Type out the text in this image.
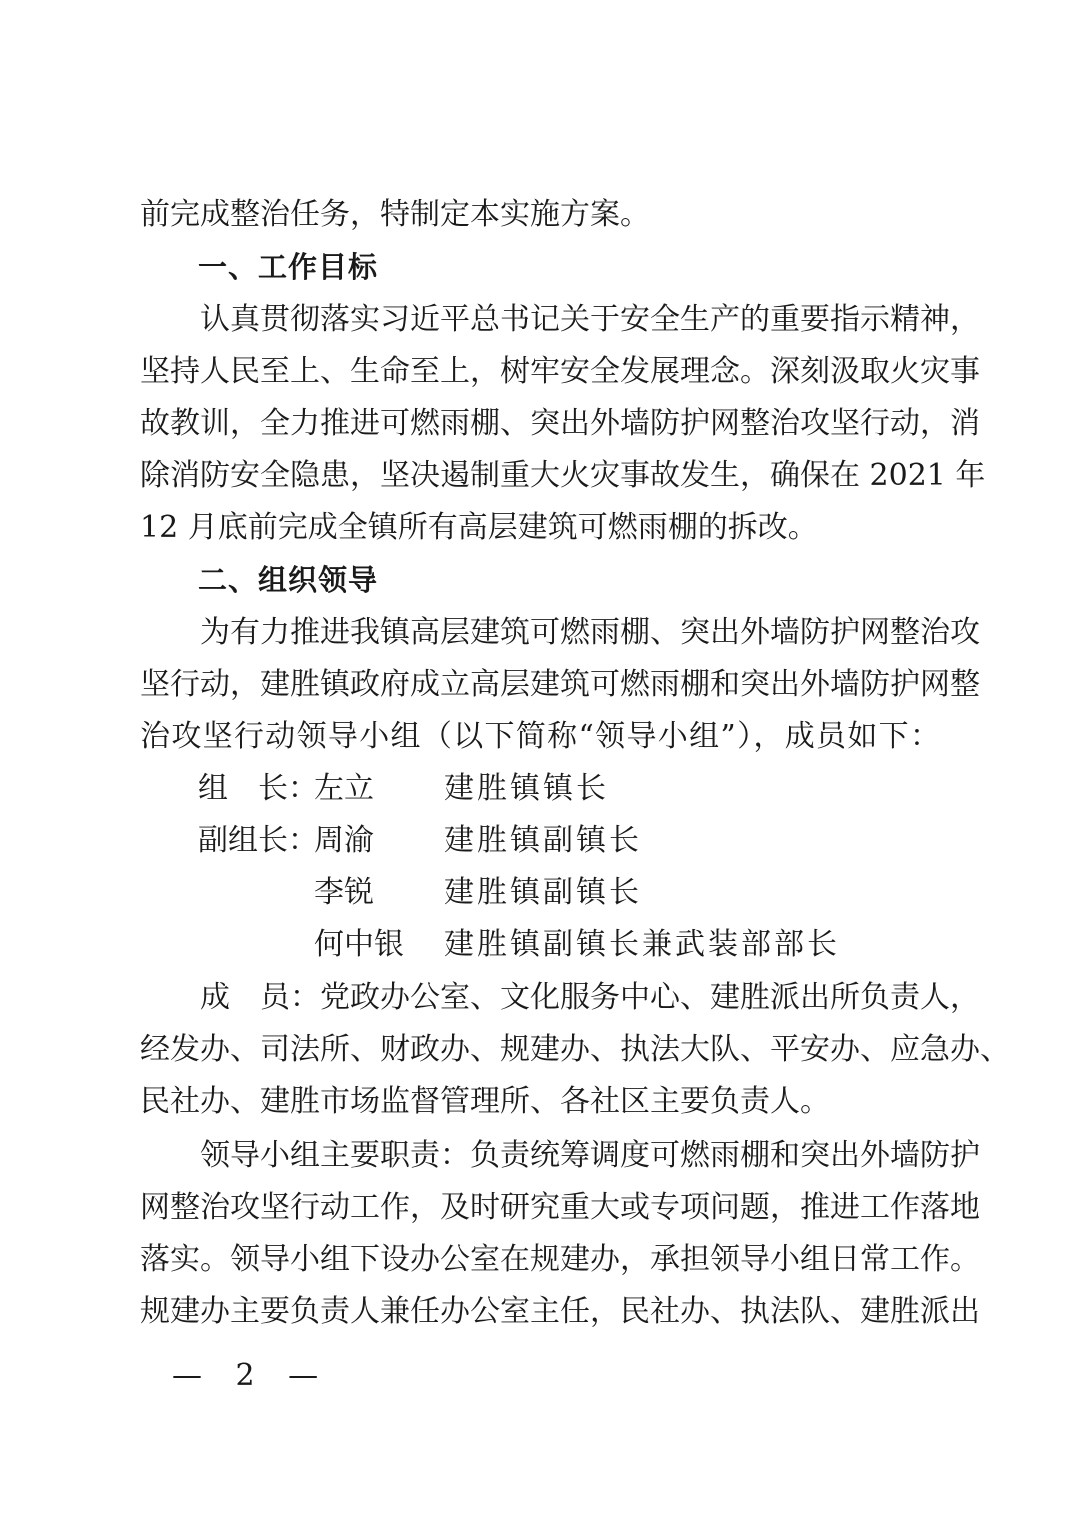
前完成整治任务，特制定本实施方案。
一、工作目标
认真贯彻落实习近平总书记关于安全生产的重要指示精神，
坚持人民至上、生命至上，树牢安全发展理念。深刻汲取火灾事
故教训，全力推进可燃雨棚、突出外墙防护网整治攻坚行动，消
除消防安全隐患，坚决遏制重大火灾事故发生，确保在 2021 年
12 月底前完成全镇所有高层建筑可燃雨棚的拆改。
二、组织领导
为有力推进我镇高层建筑可燃雨棚、突出外墙防护网整治攻
坚行动，建胜镇政府成立高层建筑可燃雨棚和突出外墙防护网整
治攻坚行动领导小组（以下简称“领导小组”），成员如下：
组　长：
左立 建胜镇镇长
副组长：
周渝 建胜镇副镇长
李锐 建胜镇副镇长
何中银 建胜镇副镇长兼武装部部长
成　员：党政办公室、文化服务中心、建胜派出所负责人，
经发办、司法所、财政办、规建办、执法大队、平安办、应急办、
民社办、建胜市场监督管理所、各社区主要负责人。
领导小组主要职责：负责统筹调度可燃雨棚和突出外墙防护
网整治攻坚行动工作，及时研究重大或专项问题，推进工作落地
落实。领导小组下设办公室在规建办，承担领导小组日常工作。
规建办主要负责人兼任办公室主任，民社办、执法队、建胜派出
— 2 —
